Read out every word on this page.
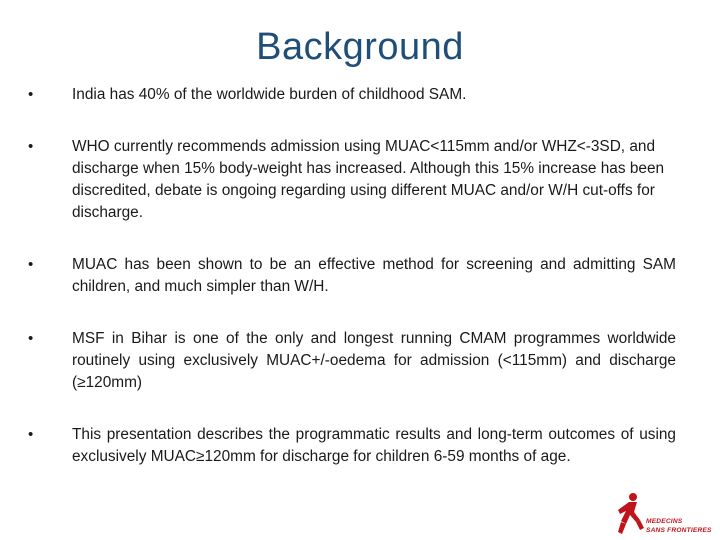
Background
•	India has 40% of the worldwide burden of childhood SAM.
•	WHO currently recommends admission using MUAC<115mm and/or WHZ<-3SD, and discharge when 15% body-weight has increased. Although this 15% increase has been discredited, debate is ongoing regarding using different MUAC and/or W/H cut-offs for discharge.
•	MUAC has been shown to be an effective method for screening and admitting SAM children, and much simpler than W/H.
•	MSF in Bihar is one of the only and longest running CMAM programmes worldwide routinely using exclusively MUAC+/-oedema for admission (<115mm) and discharge (≥120mm)
•	This presentation describes the programmatic results and long-term outcomes of using exclusively MUAC≥120mm for discharge for children 6-59 months of age.
MEDECINS
SANS FRONTIERES
